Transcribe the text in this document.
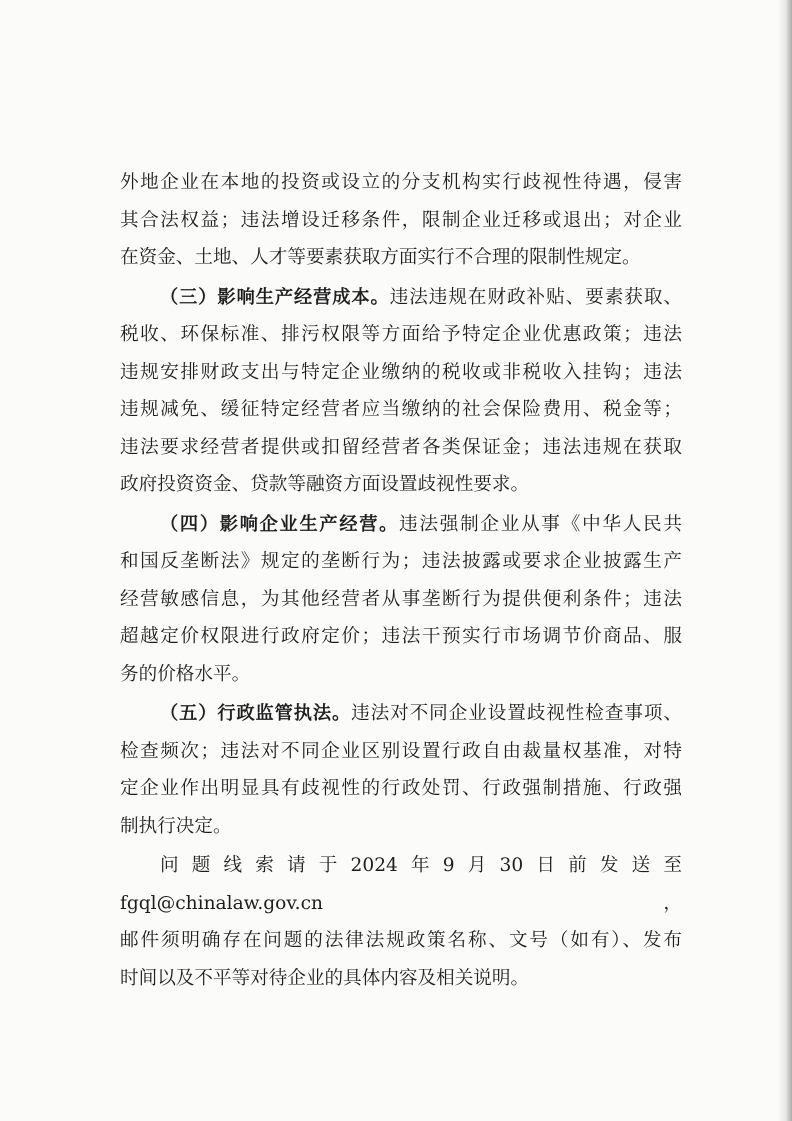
外地企业在本地的投资或设立的分支机构实行歧视性待遇，侵害

其合法权益；违法增设迁移条件，限制企业迁移或退出；对企业

在资金、土地、人才等要素获取方面实行不合理的限制性规定。

（三）影响生产经营成本。违法违规在财政补贴、要素获取、

税收、环保标准、排污权限等方面给予特定企业优惠政策；违法

违规安排财政支出与特定企业缴纳的税收或非税收入挂钩；违法

违规减免、缓征特定经营者应当缴纳的社会保险费用、税金等；

违法要求经营者提供或扣留经营者各类保证金；违法违规在获取

政府投资资金、贷款等融资方面设置歧视性要求。

（四）影响企业生产经营。违法强制企业从事《中华人民共

和国反垄断法》规定的垄断行为；违法披露或要求企业披露生产

经营敏感信息，为其他经营者从事垄断行为提供便利条件；违法

超越定价权限进行政府定价；违法干预实行市场调节价商品、服

务的价格水平。

（五）行政监管执法。违法对不同企业设置歧视性检查事项、

检查频次；违法对不同企业区别设置行政自由裁量权基准，对特

定企业作出明显具有歧视性的行政处罚、行政强制措施、行政强

制执行决定。

问题线索请于2024年9月30日前发送至fgql@chinalaw.gov.cn，

邮件须明确存在问题的法律法规政策名称、文号（如有）、发布

时间以及不平等对待企业的具体内容及相关说明。
